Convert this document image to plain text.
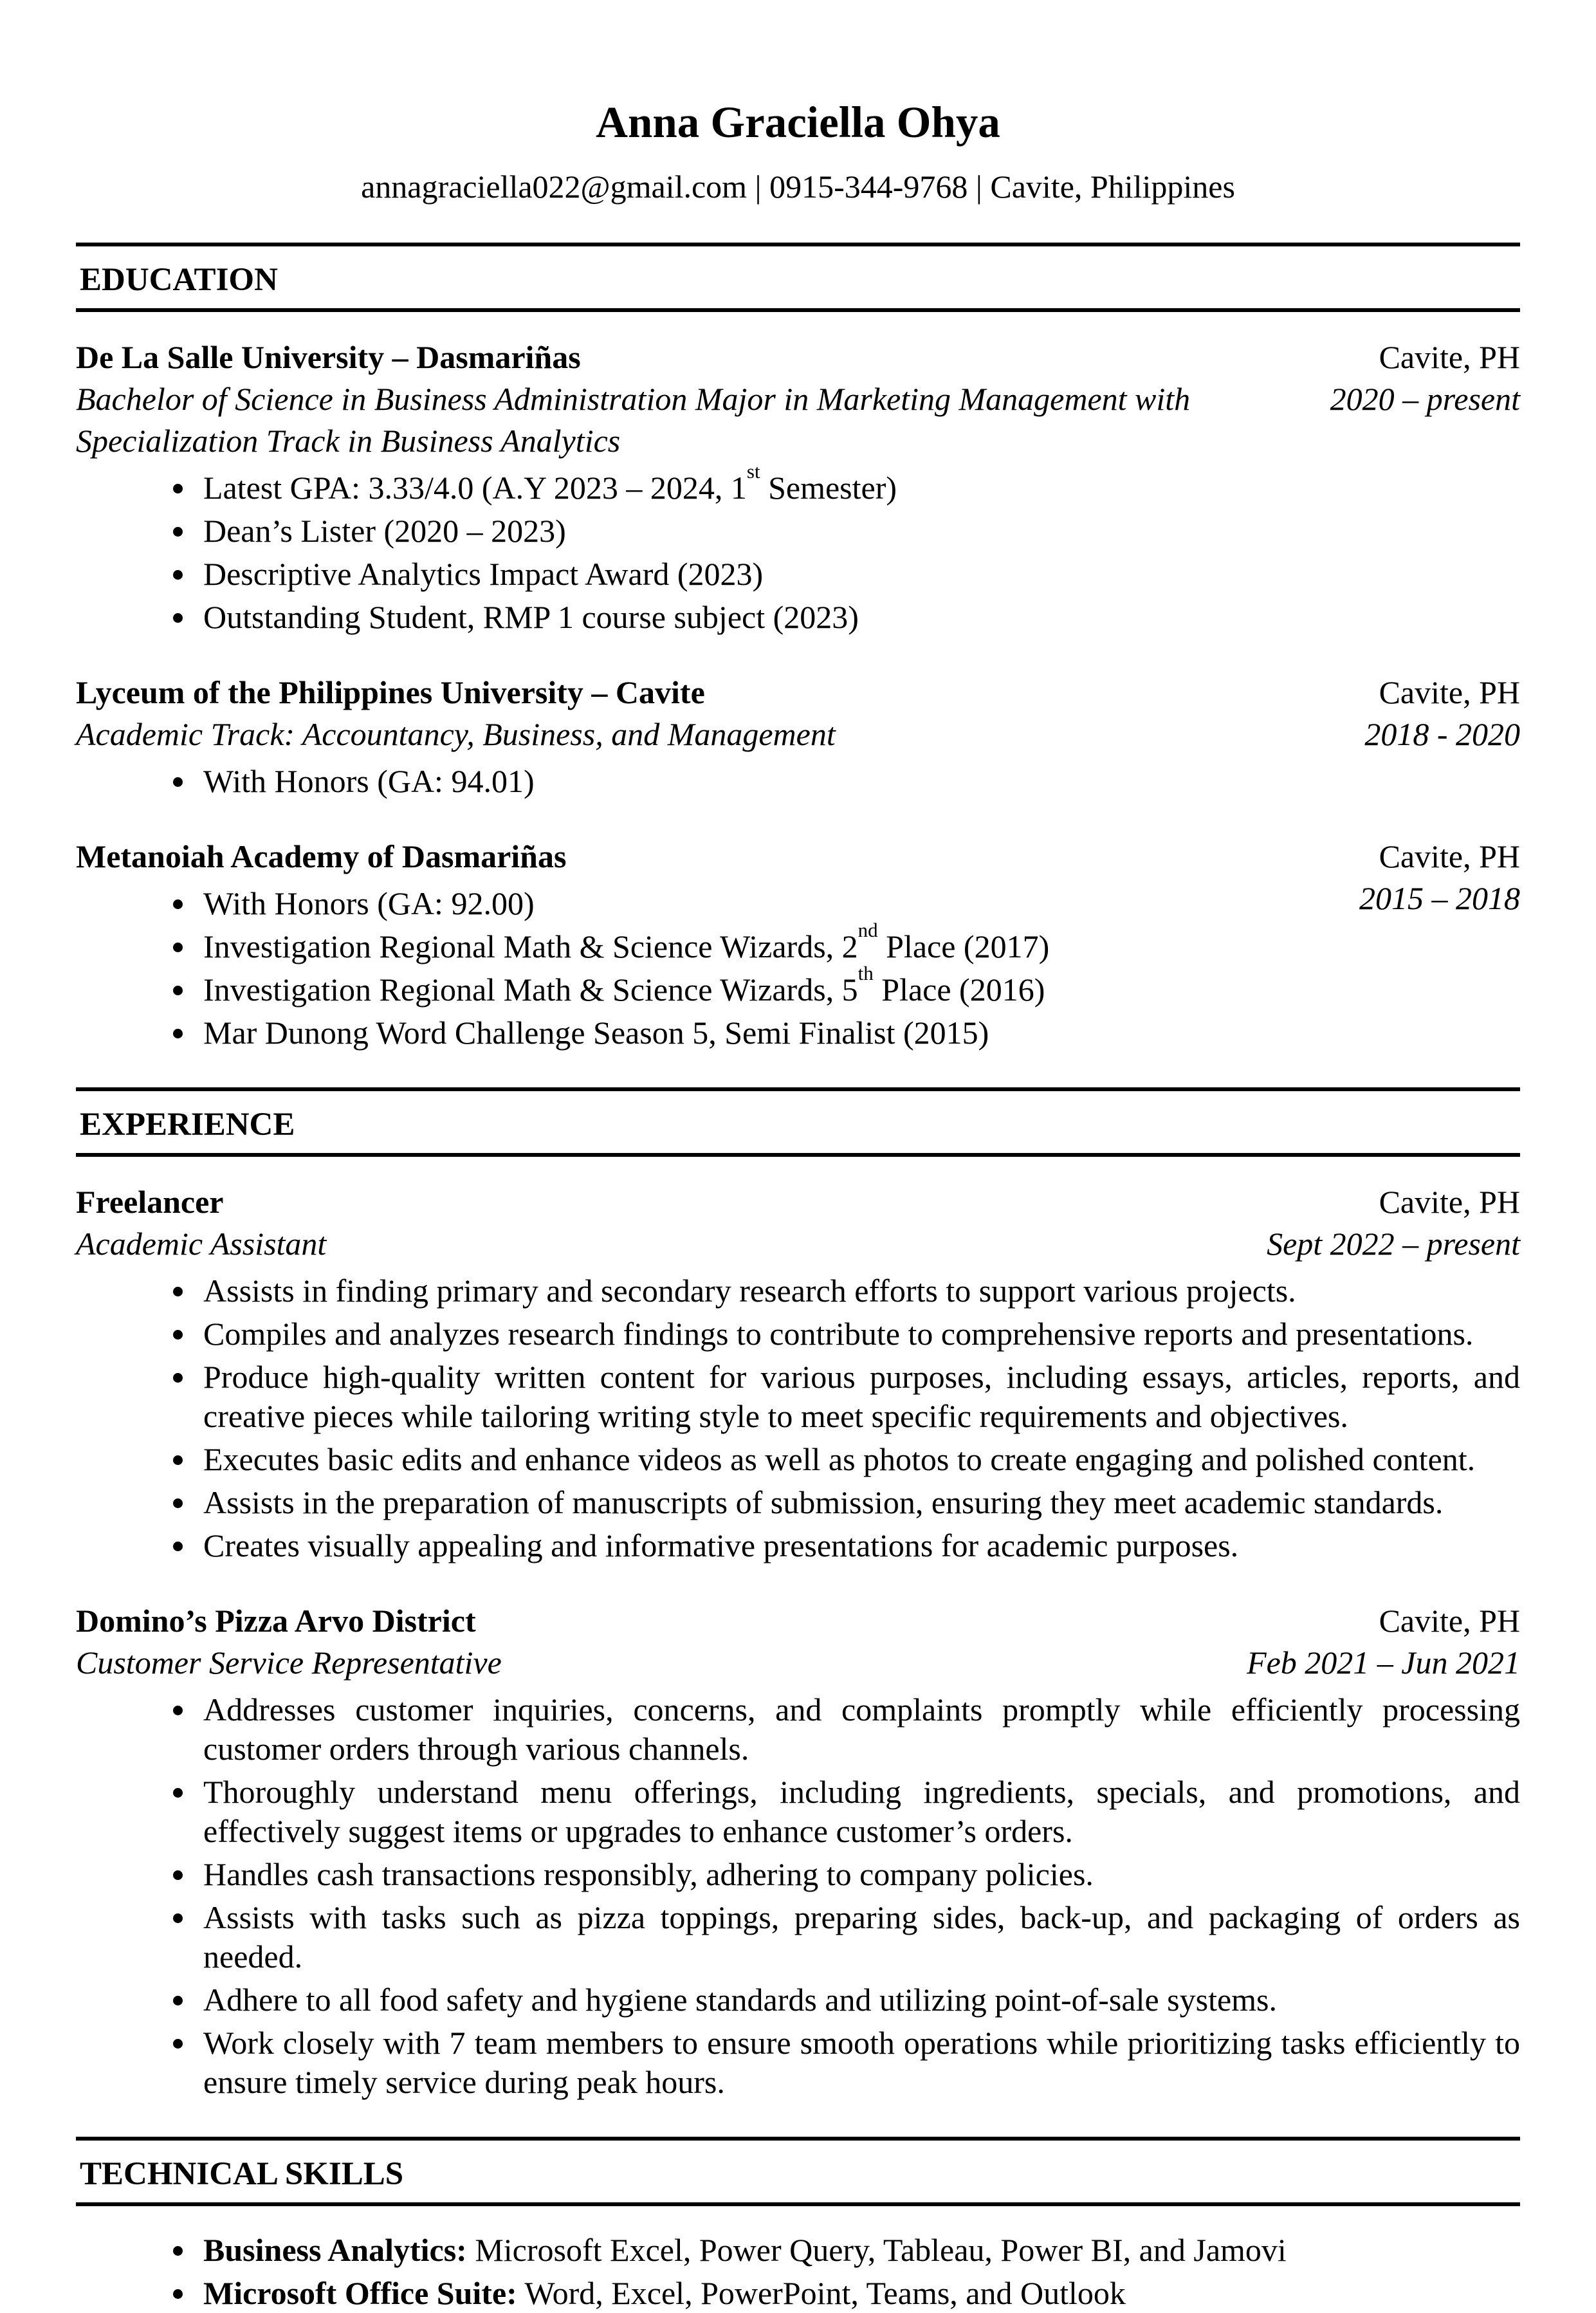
Anna Graciella Ohya
annagraciella022@gmail.com | 0915-344-9768 | Cavite, Philippines
EDUCATION
De La Salle University – Dasmariñas
Bachelor of Science in Business Administration Major in Marketing Management with Specialization Track in Business Analytics
Cavite, PH
2020 – present
• Latest GPA: 3.33/4.0 (A.Y 2023 – 2024, 1st Semester)
• Dean’s Lister (2020 – 2023)
• Descriptive Analytics Impact Award (2023)
• Outstanding Student, RMP 1 course subject (2023)
Lyceum of the Philippines University – Cavite
Academic Track: Accountancy, Business, and Management
Cavite, PH
2018 - 2020
• With Honors (GA: 94.01)
Metanoiah Academy of Dasmariñas	Cavite, PH
2015 – 2018
• With Honors (GA: 92.00)
• Investigation Regional Math & Science Wizards, 2nd Place (2017)
• Investigation Regional Math & Science Wizards, 5th Place (2016)
• Mar Dunong Word Challenge Season 5, Semi Finalist (2015)
EXPERIENCE
Freelancer
Academic Assistant
Cavite, PH
Sept 2022 – present
• Assists in finding primary and secondary research efforts to support various projects.
• Compiles and analyzes research findings to contribute to comprehensive reports and presentations.
• Produce high-quality written content for various purposes, including essays, articles, reports, and creative pieces while tailoring writing style to meet specific requirements and objectives.
• Executes basic edits and enhance videos as well as photos to create engaging and polished content.
• Assists in the preparation of manuscripts of submission, ensuring they meet academic standards.
• Creates visually appealing and informative presentations for academic purposes.
Domino’s Pizza Arvo District
Customer Service Representative
Cavite, PH
Feb 2021 – Jun 2021
• Addresses customer inquiries, concerns, and complaints promptly while efficiently processing customer orders through various channels.
• Thoroughly understand menu offerings, including ingredients, specials, and promotions, and effectively suggest items or upgrades to enhance customer’s orders.
• Handles cash transactions responsibly, adhering to company policies.
• Assists with tasks such as pizza toppings, preparing sides, back-up, and packaging of orders as needed.
• Adhere to all food safety and hygiene standards and utilizing point-of-sale systems.
• Work closely with 7 team members to ensure smooth operations while prioritizing tasks efficiently to ensure timely service during peak hours.
TECHNICAL SKILLS
• Business Analytics: Microsoft Excel, Power Query, Tableau, Power BI, and Jamovi
• Microsoft Office Suite: Word, Excel, PowerPoint, Teams, and Outlook
